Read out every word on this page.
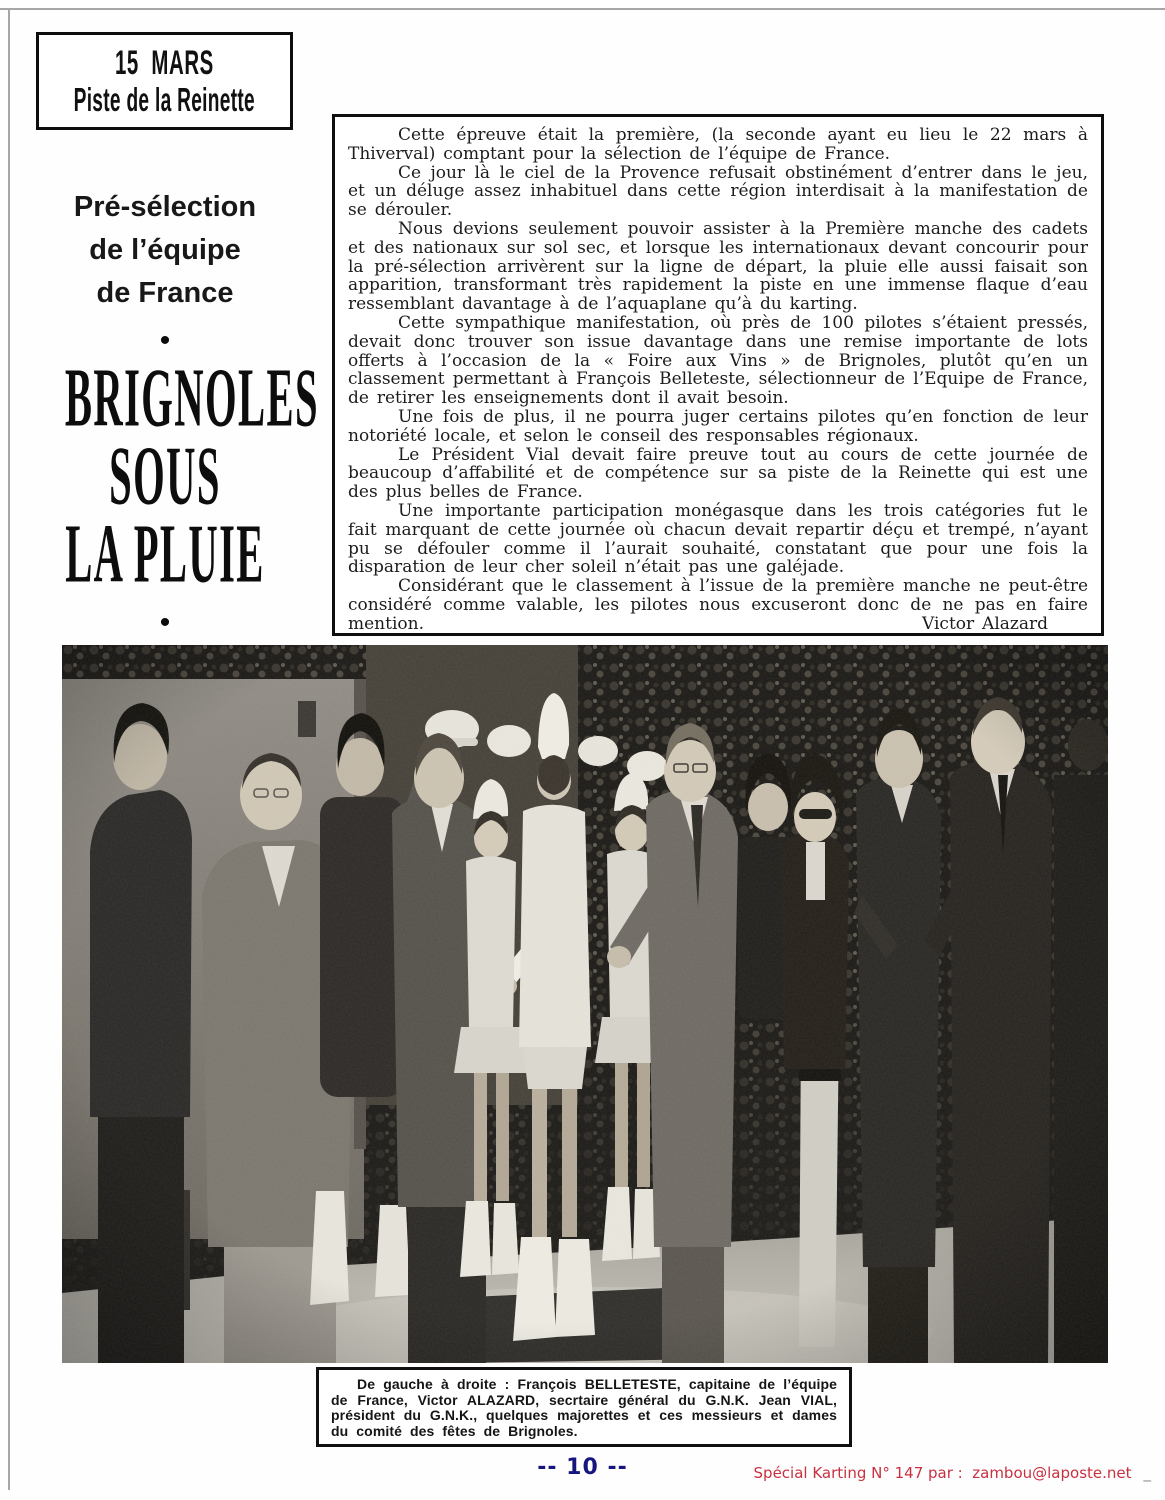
15  MARS
Piste de la Reinette
Pré-sélection
de l’équipe
de France
•
BRIGNOLES
SOUS
LA PLUIE
•

Cette épreuve était la première, (la seconde ayant eu lieu le 22 mars à Thiverval) comptant pour la sélection de l’équipe de France.

Ce jour là le ciel de la Provence refusait obstinément d’entrer dans le jeu, et un déluge assez inhabituel dans cette région interdisait à la manifestation de se dérouler.

Nous devions seulement pouvoir assister à la Première manche des cadets et des nationaux sur sol sec, et lorsque les internationaux devant concourir pour la pré-sélection arrivèrent sur la ligne de départ, la pluie elle aussi faisait son apparition, transformant très rapidement la piste en une immense flaque d’eau ressemblant davantage à de l’aquaplane qu’à du karting.

Cette sympathique manifestation, où près de 100 pilotes s’étaient pressés, devait donc trouver son issue davantage dans une remise importante de lots offerts à l’occasion de la « Foire aux Vins » de Brignoles, plutôt qu’en un classement permettant à François Belleteste, sélectionneur de l’Equipe de France, de retirer les enseignements dont il avait besoin.

Une fois de plus, il ne pourra juger certains pilotes qu’en fonction de leur notoriété locale, et selon le conseil des responsables régionaux.

Le Président Vial devait faire preuve tout au cours de cette journée de beaucoup d’affabilité et de compétence sur sa piste de la Reinette qui est une des plus belles de France.

Une importante participation monégasque dans les trois catégories fut le fait marquant de cette journée où chacun devait repartir déçu et trempé, n’ayant pu se défouler comme il l’aurait souhaité, constatant que pour une fois la disparation de leur cher soleil n’était pas une galéjade.

Considérant que le classement à l’issue de la première manche ne peut-être considéré comme valable, les pilotes nous excuseront donc de ne pas en faire mention.	Victor Alazard

De gauche à droite : François BELLETESTE, capitaine de l’équipe de France, Victor ALAZARD, secrtaire général du G.N.K. Jean VIAL, président du G.N.K., quelques majorettes et ces messieurs et dames du comité des fêtes de Brignoles.

-- 10 --	Spécial Karting N° 147 par :  zambou@laposte.net _
